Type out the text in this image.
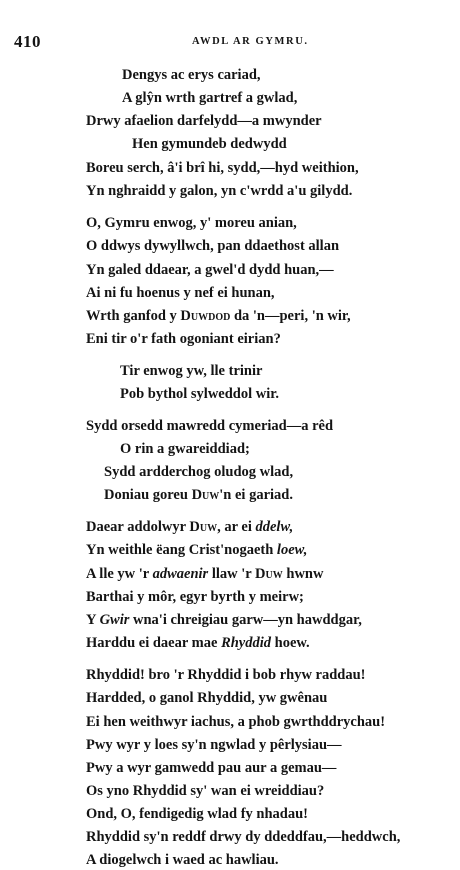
410	AWDL AR GYMRU.
Dengys ac erys cariad,
A glŷn wrth gartref a gwlad,
Drwy afaelion darfelydd—a mwynder
Hen gymundeb dedwydd
Boreu serch, â'i brî hi, sydd,—hyd weithion,
Yn nghraidd y galon, yn c'wrdd a'u gilydd.
O, Gymru enwog, y' moreu anian,
O ddwys dywyllwch, pan ddaethost allan
Yn galed ddaear, a gwel'd dydd huan,—
Ai ni fu hoenus y nef ei hunan,
Wrth ganfod y Duwdod da 'n—peri, 'n wir,
Eni tir o'r fath ogoniant eirian?
Tir enwog yw, lle trinir
Pob bythol sylweddol wir.
Sydd orsedd mawredd cymeriad—a rêd
O rin a gwareiddiad;
Sydd ardderchog oludog wlad,
Doniau goreu Duw'n ei gariad.
Daear addolwyr Duw, ar ei ddelw,
Yn weithle ëang Crist'nogaeth loew,
A lle yw 'r adwaenir llaw 'r Duw hwnw
Barthai y môr, egyr byrth y meirw;
Y Gwir wna'i chreigiau garw—yn hawddgar,
Harddu ei daear mae Rhyddid hoew.
Rhyddid! bro 'r Rhyddid i bob rhyw raddau!
Hardded, o ganol Rhyddid, yw gwênau
Ei hen weithwyr iachus, a phob gwrthddrychau!
Pwy wyr y loes sy'n ngwlad y pêrlysiau—
Pwy a wyr gamwedd pau aur a gemau—
Os yno Rhyddid sy' wan ei wreiddiau?
Ond, O, fendigedig wlad fy nhadau!
Rhyddid sy'n reddf drwy dy ddeddfau,—heddwch,
A diogelwch i waed ac hawliau.
